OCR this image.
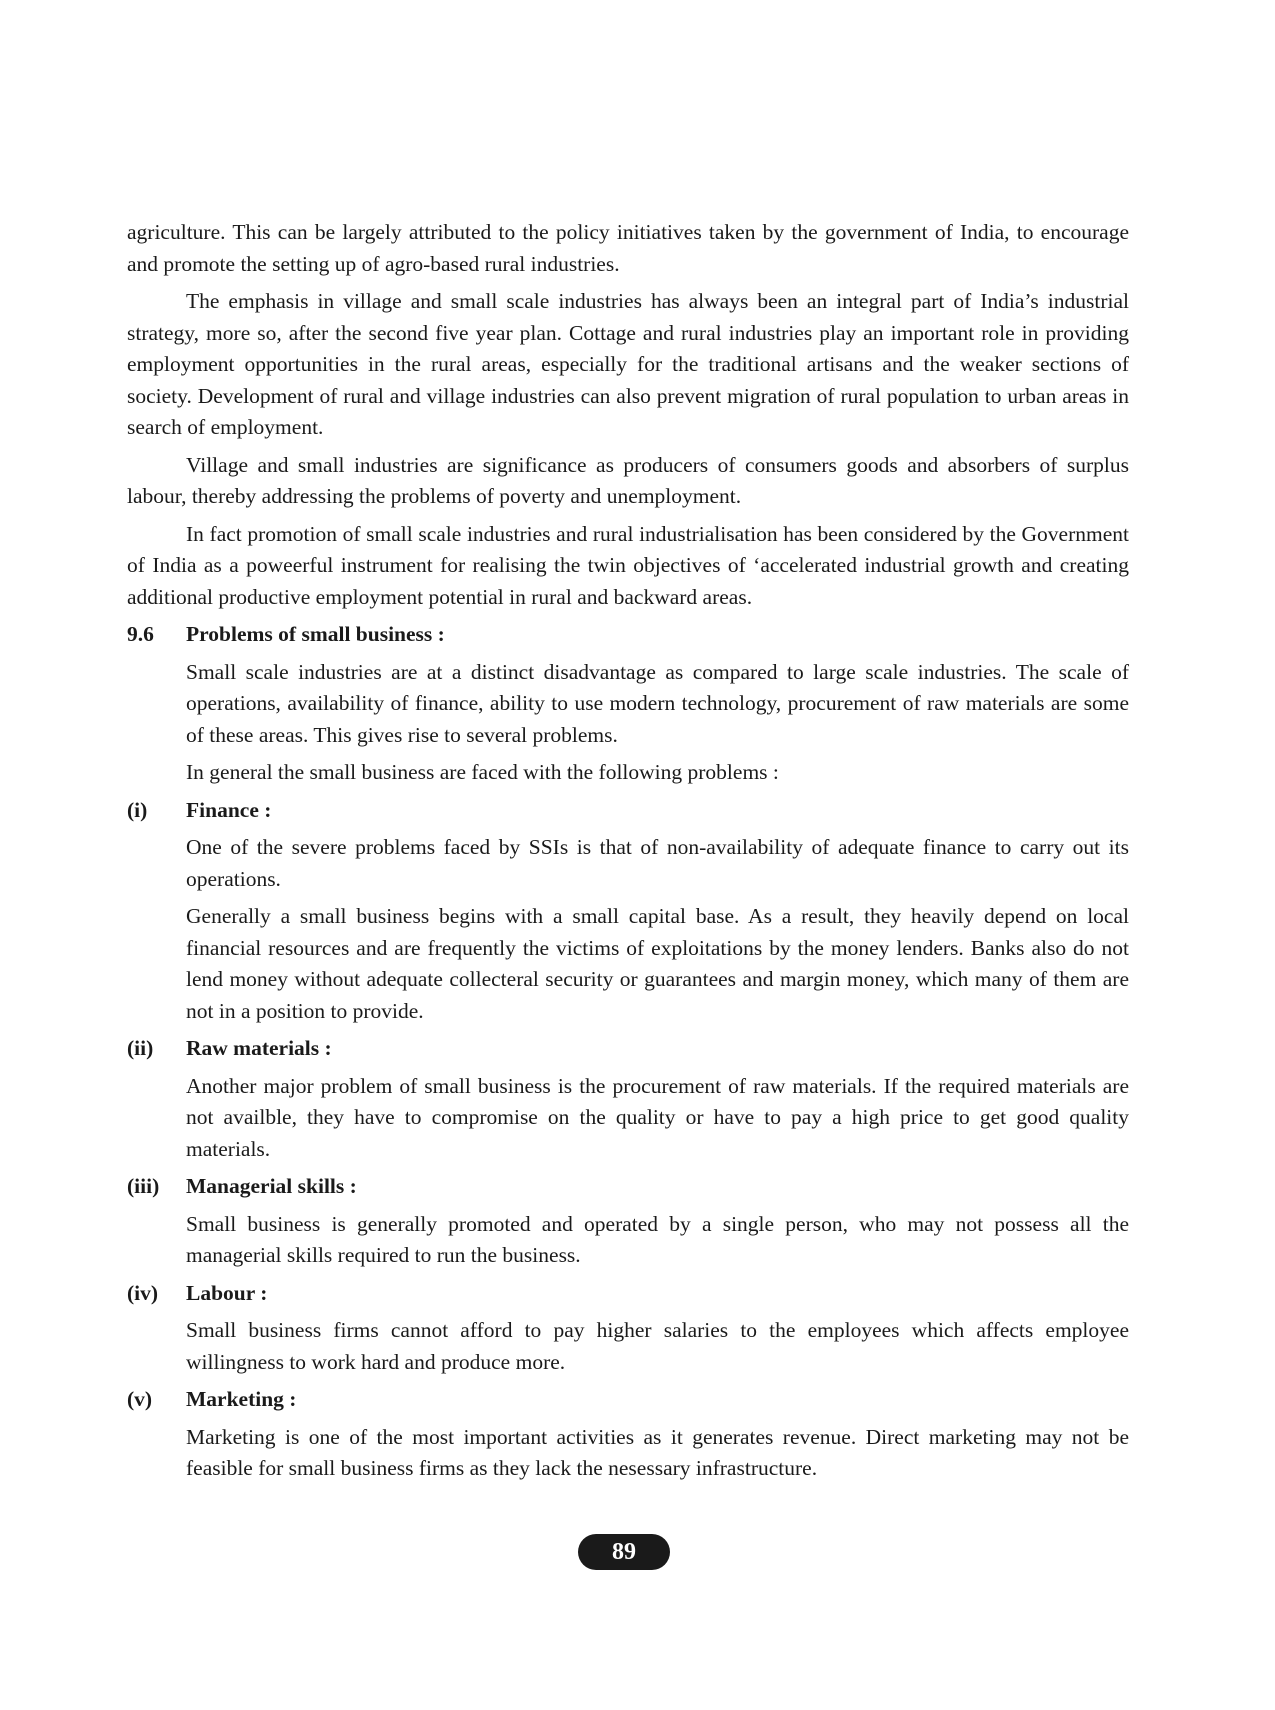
agriculture. This can be largely attributed to the policy initiatives taken by the government of India, to encourage and promote the setting up of agro-based rural industries.

The emphasis in village and small scale industries has always been an integral part of India’s industrial strategy, more so, after the second five year plan. Cottage and rural industries play an important role in providing employment opportunities in the rural areas, especially for the traditional artisans and the weaker sections of society. Development of rural and village industries can also prevent migration of rural population to urban areas in search of employment.

Village and small industries are significance as producers of consumers goods and absorbers of surplus labour, thereby addressing the problems of poverty and unemployment.

In fact promotion of small scale industries and rural industrialisation has been considered by the Government of India as a poweerful instrument for realising the twin objectives of ‘accelerated industrial growth and creating additional productive employment potential in rural and backward areas.

9.6	Problems of small business :

Small scale industries are at a distinct disadvantage as compared to large scale industries. The scale of operations, availability of finance, ability to use modern technology, procurement of raw materials are some of these areas. This gives rise to several problems.

In general the small business are faced with the following problems :

(i)	Finance :

One of the severe problems faced by SSIs is that of non-availability of adequate finance to carry out its operations.

Generally a small business begins with a small capital base. As a result, they heavily depend on local financial resources and are frequently the victims of exploitations by the money lenders. Banks also do not lend money without adequate collecteral security or guarantees and margin money, which many of them are not in a position to provide.

(ii)	Raw materials :

Another major problem of small business is the procurement of raw materials. If the required materials are not availble, they have to compromise on the quality or have to pay a high price to get good quality materials.

(iii)	Managerial skills :

Small business is generally promoted and operated by a single person, who may not possess all the managerial skills required to run the business.

(iv)	Labour :

Small business firms cannot afford to pay higher salaries to the employees which affects employee willingness to work hard and produce more.

(v)	Marketing :

Marketing is one of the most important activities as it generates revenue. Direct marketing may not be feasible for small business firms as they lack the nesessary infrastructure.

89
